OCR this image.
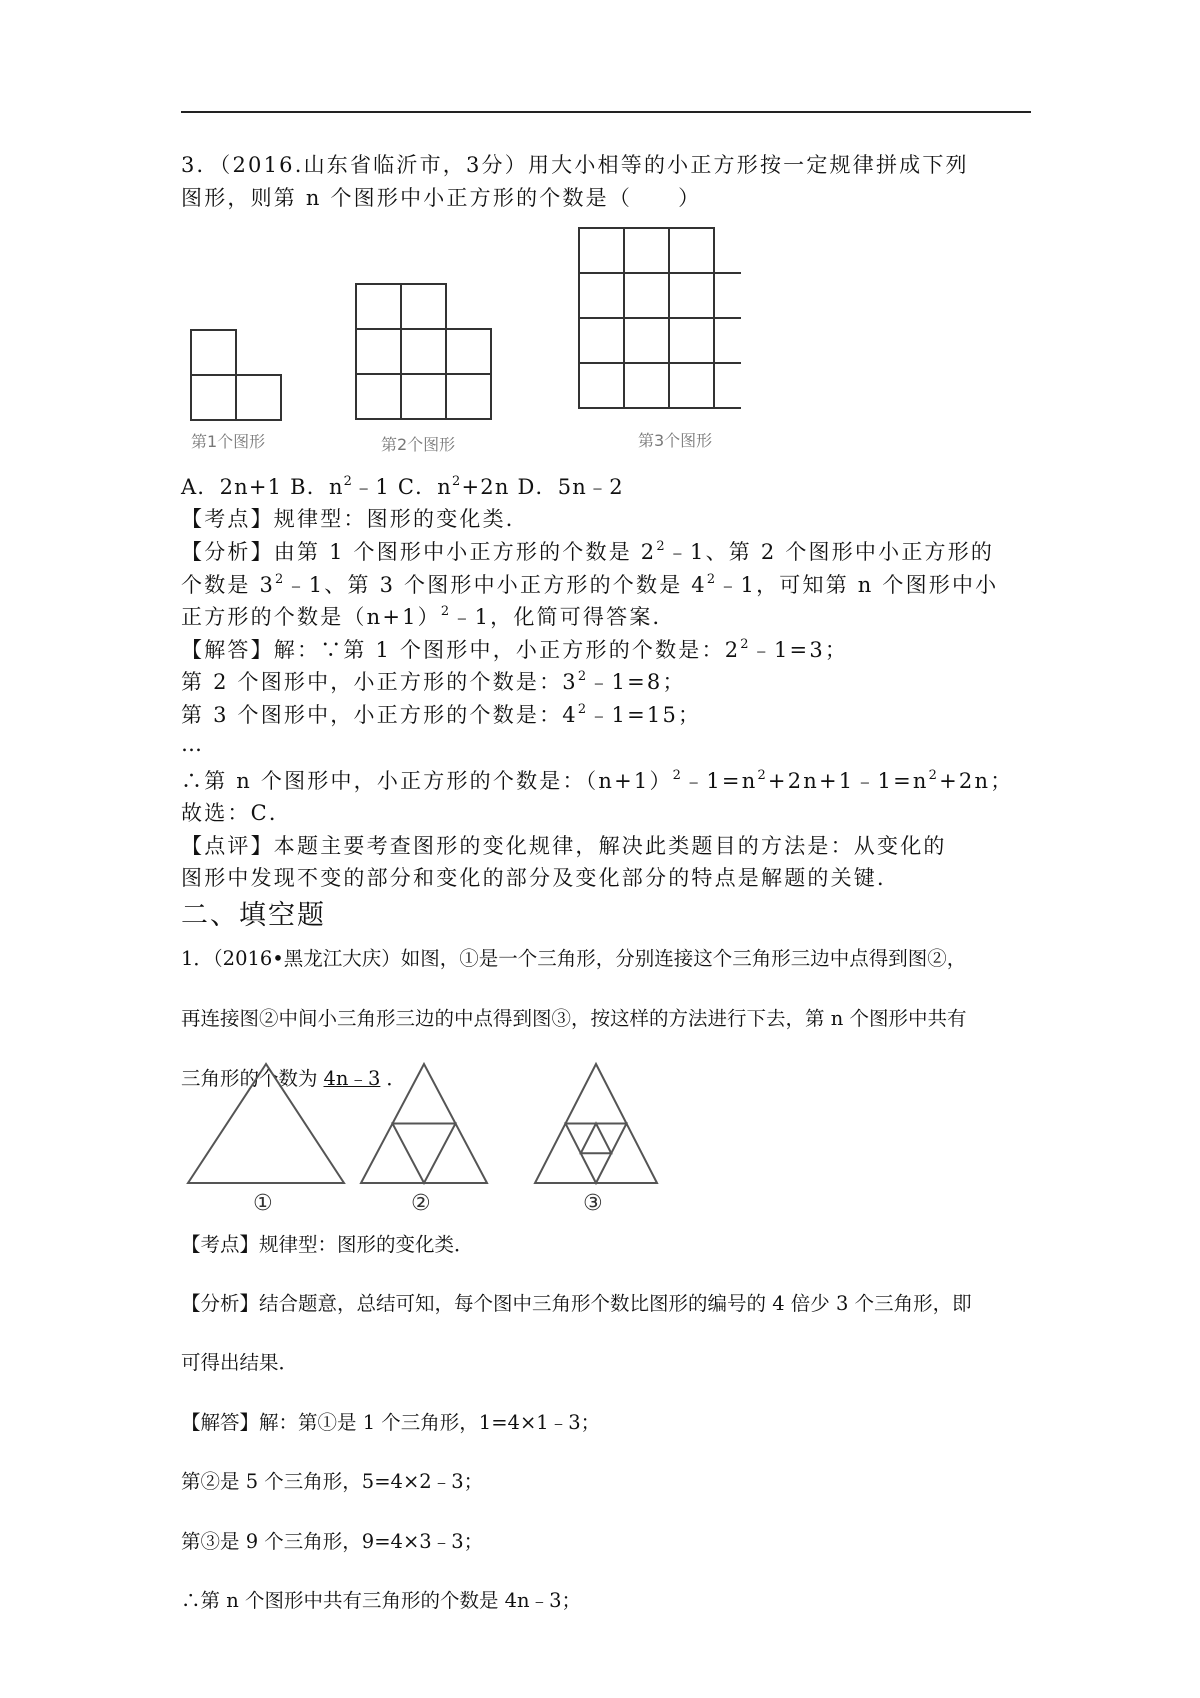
3．（2016.山东省临沂市，3分）用大小相等的小正方形按一定规律拼成下列
图形，则第 n 个图形中小正方形的个数是（ ）
第1个图形	第2个图形	第3个图形
A．2n+1 B．$n^2﹣1$ C．$n^2+2n$ D．5n﹣2
【考点】规律型：图形的变化类．
【分析】由第 1 个图形中小正方形的个数是 $2^2﹣1$、第 2 个图形中小正方形的
个数是 $3^2﹣1$、第 3 个图形中小正方形的个数是 $4^2﹣1$，可知第 n 个图形中小
正方形的个数是$(n+1)^2﹣1$，化简可得答案．
【解答】解：∵第 1 个图形中，小正方形的个数是：$2^2﹣1=3$；
第 2 个图形中，小正方形的个数是：$3^2﹣1=8$；
第 3 个图形中，小正方形的个数是：$4^2﹣1=15$；
…
∴第 n 个图形中，小正方形的个数是：$(n+1)^2﹣1=n^2+2n+1﹣1=n^2+2n$；
故选：C．
【点评】本题主要考查图形的变化规律，解决此类题目的方法是：从变化的
图形中发现不变的部分和变化的部分及变化部分的特点是解题的关键．
二、填空题
1．（2016•黑龙江大庆）如图，①是一个三角形，分别连接这个三角形三边中点得到图②，
再连接图②中间小三角形三边的中点得到图③，按这样的方法进行下去，第 n 个图形中共有
三角形的个数为 4n﹣3 ．
①	②	③
【考点】规律型：图形的变化类．
【分析】结合题意，总结可知，每个图中三角形个数比图形的编号的 4 倍少 3 个三角形，即
可得出结果．
【解答】解：第①是 1 个三角形，1=4×1﹣3；
第②是 5 个三角形，5=4×2﹣3；
第③是 9 个三角形，9=4×3﹣3；
∴第 n 个图形中共有三角形的个数是 4n﹣3；
